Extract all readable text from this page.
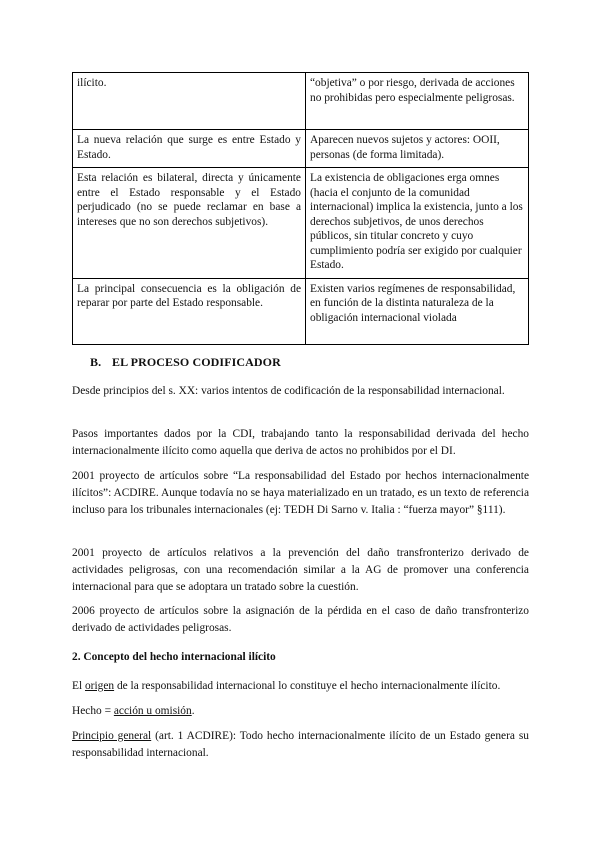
ilícito.	“objetiva” o por riesgo, derivada de acciones no prohibidas pero especialmente peligrosas.
La nueva relación que surge es entre Estado y Estado.	Aparecen nuevos sujetos y actores: OOII, personas (de forma limitada).
Esta relación es bilateral, directa y únicamente entre el Estado responsable y el Estado perjudicado (no se puede reclamar en base a intereses que no son derechos subjetivos).	La existencia de obligaciones erga omnes (hacia el conjunto de la comunidad internacional) implica la existencia, junto a los derechos subjetivos, de unos derechos públicos, sin titular concreto y cuyo cumplimiento podría ser exigido por cualquier Estado.
La principal consecuencia es la obligación de reparar por parte del Estado responsable.	Existen varios regímenes de responsabilidad, en función de la distinta naturaleza de la obligación internacional violada
B. EL PROCESO CODIFICADOR

Desde principios del s. XX: varios intentos de codificación de la responsabilidad internacional.

Pasos importantes dados por la CDI, trabajando tanto la responsabilidad derivada del hecho internacionalmente ilícito como aquella que deriva de actos no prohibidos por el DI.

2001 proyecto de artículos sobre “La responsabilidad del Estado por hechos internacionalmente ilícitos”: ACDIRE. Aunque todavía no se haya materializado en un tratado, es un texto de referencia incluso para los tribunales internacionales (ej: TEDH Di Sarno v. Italia : “fuerza mayor” §111).

2001 proyecto de artículos relativos a la prevención del daño transfronterizo derivado de actividades peligrosas, con una recomendación similar a la AG de promover una conferencia internacional para que se adoptara un tratado sobre la cuestión.

2006 proyecto de artículos sobre la asignación de la pérdida en el caso de daño transfronterizo derivado de actividades peligrosas.

2. Concepto del hecho internacional ilícito

El origen de la responsabilidad internacional lo constituye el hecho internacionalmente ilícito.

Hecho = acción u omisión.

Principio general (art. 1 ACDIRE): Todo hecho internacionalmente ilícito de un Estado genera su responsabilidad internacional.
